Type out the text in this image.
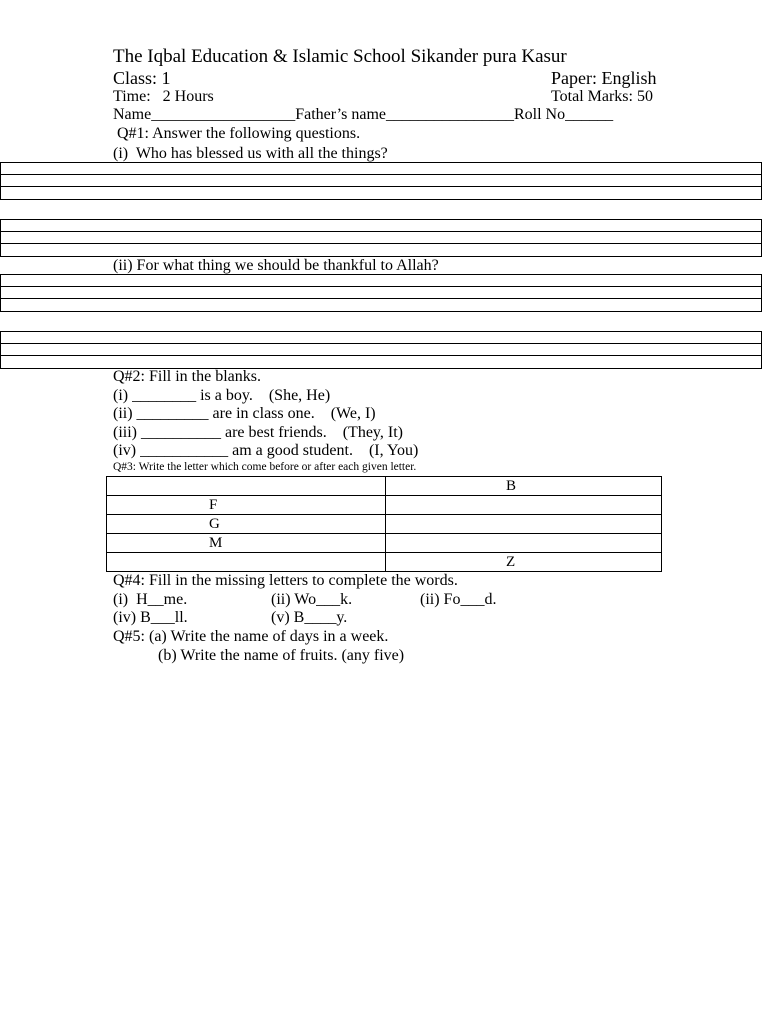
The Iqbal Education & Islamic School Sikander pura Kasur
Class: 1	Paper: English
Time:   2 Hours	Total Marks: 50
Name__________________Father’s name________________Roll No______
Q#1: Answer the following questions.
(i)  Who has blessed us with all the things?
(ii) For what thing we should be thankful to Allah?
Q#2: Fill in the blanks.
(i) ________ is a boy.    (She, He)
(ii) _________ are in class one.    (We, I)
(iii) __________ are best friends.    (They, It)
(iv) ___________ am a good student.    (I, You)
Q#3: Write the letter which come before or after each given letter.
	B
F	
G	
M	
	Z
Q#4: Fill in the missing letters to complete the words.
(i)  H__me.	(ii) Wo___k.	(ii) Fo___d.
(iv) B___ll.	(v) B____y.
Q#5: (a) Write the name of days in a week.
(b) Write the name of fruits. (any five)
